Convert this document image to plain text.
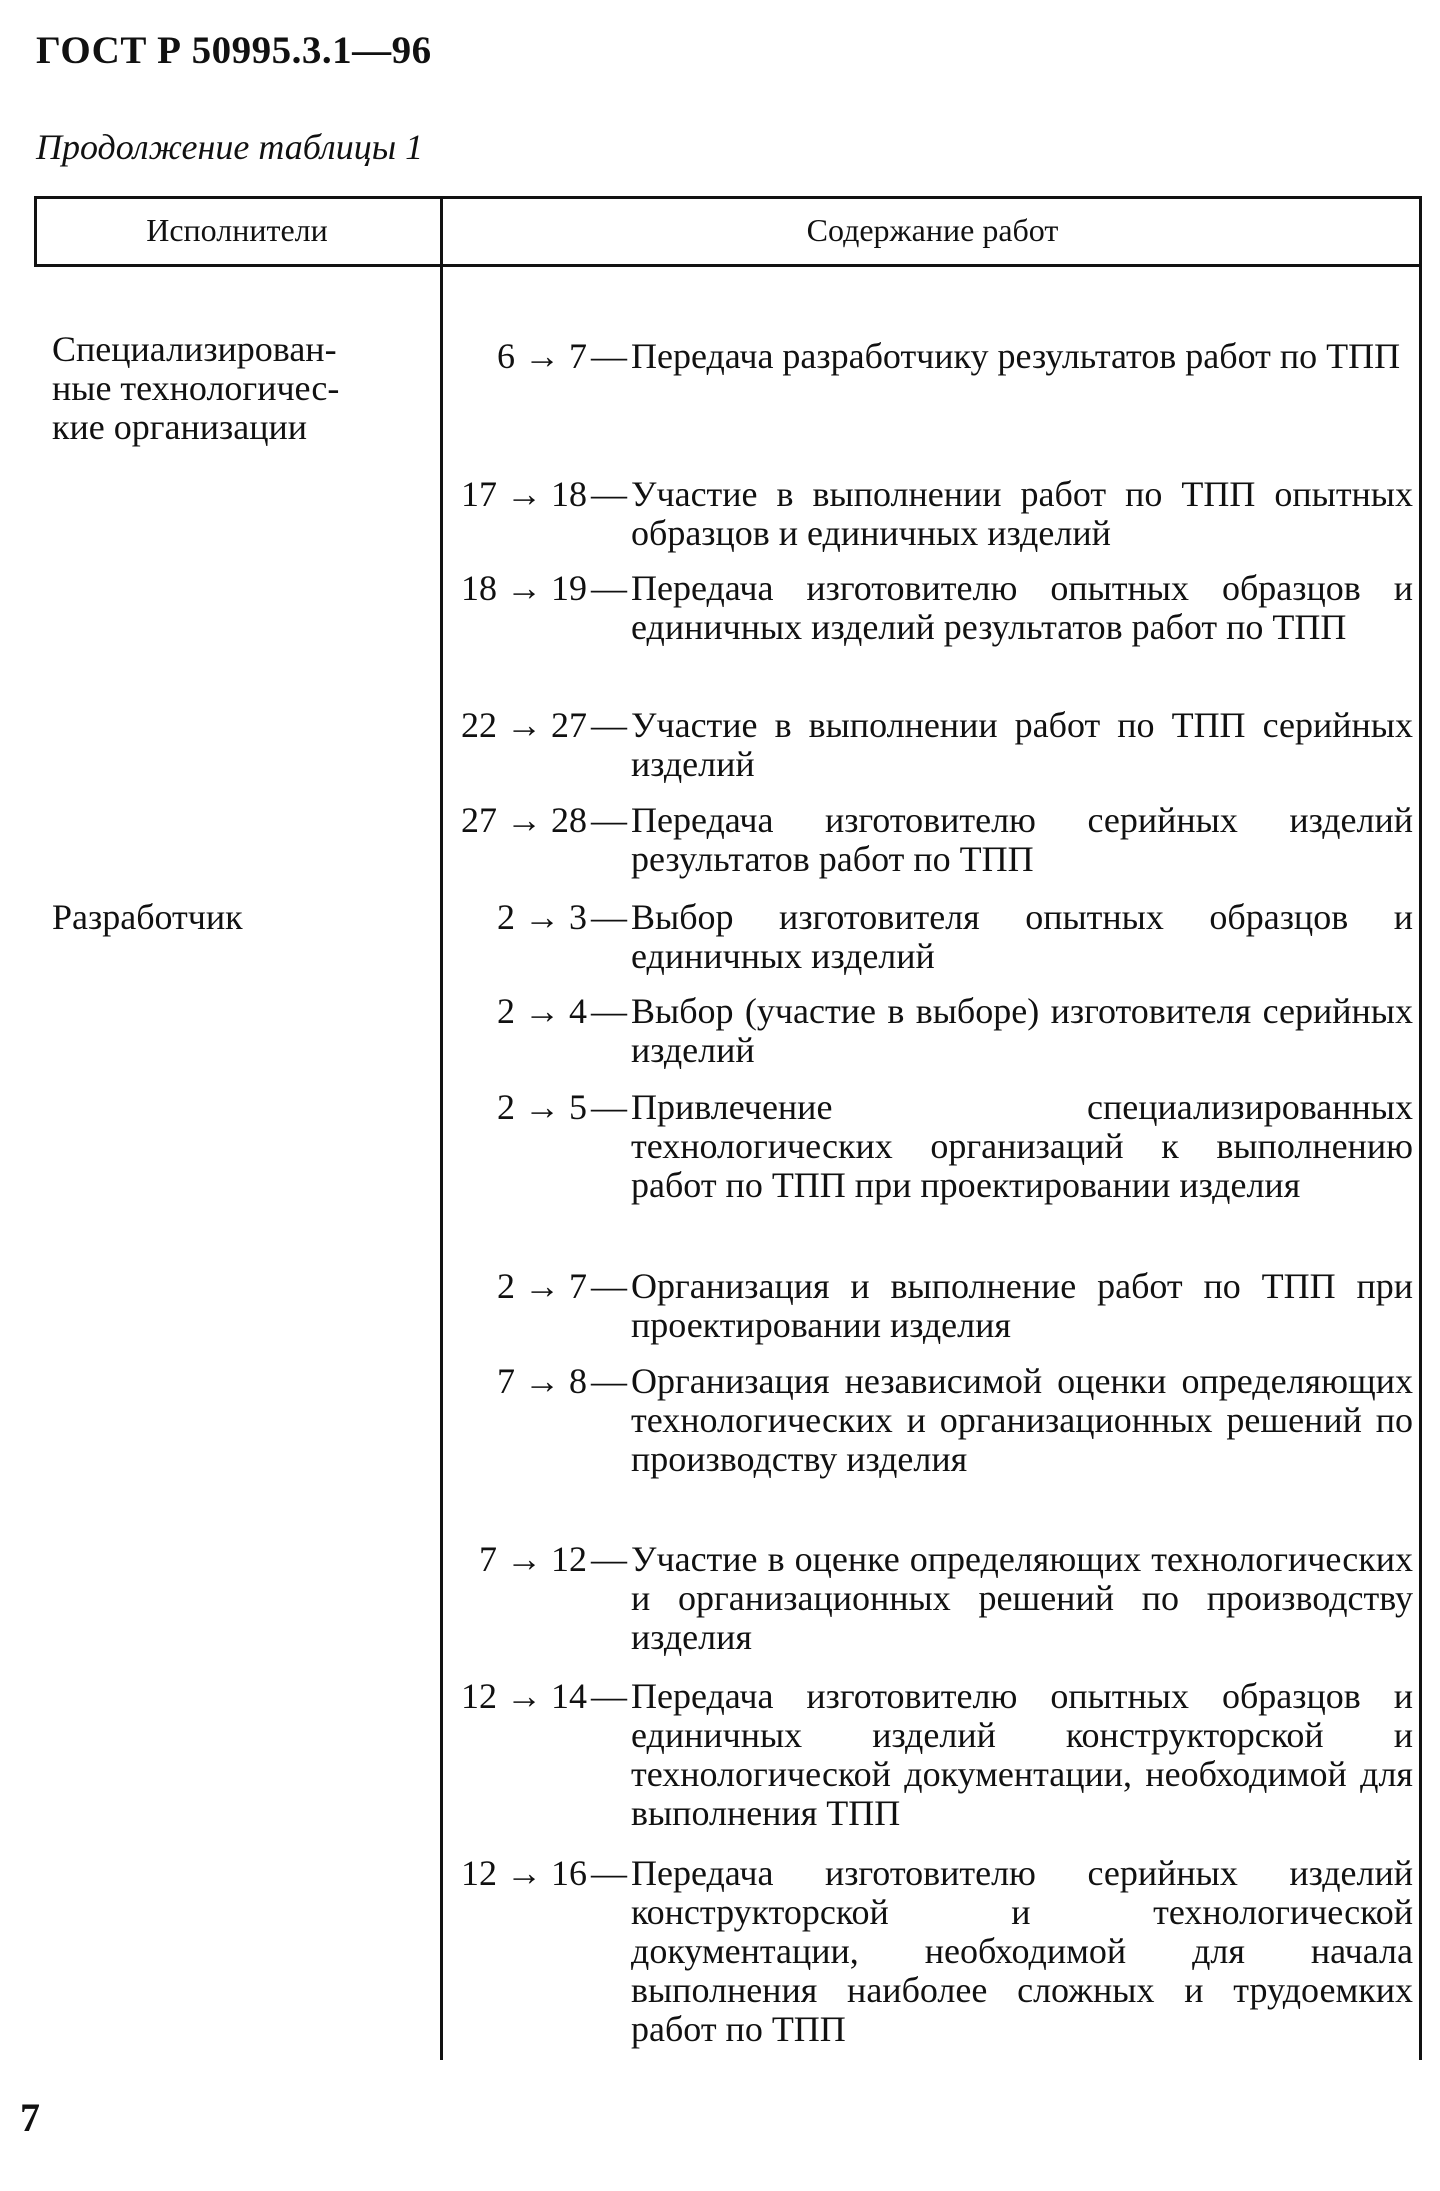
ГОСТ Р 50995.3.1—96
Продолжение таблицы 1
Исполнители	Содержание работ
Специализирован-
ные технологичес-
кие организации
Разработчик
6 → 7 — Передача разработчику результатов работ по ТПП
17 → 18 — Участие в выполнении работ по ТПП опытных образцов и единичных изделий
18 → 19 — Передача изготовителю опытных образцов и единичных изделий результатов работ по ТПП
22 → 27 — Участие в выполнении работ по ТПП серийных изделий
27 → 28 — Передача изготовителю серийных изделий результатов работ по ТПП
2 → 3 — Выбор изготовителя опытных образцов и единичных изделий
2 → 4 — Выбор (участие в выборе) изготовителя серийных изделий
2 → 5 — Привлечение специализированных технологических организаций к выполнению работ по ТПП при проектировании изделия
2 → 7 — Организация и выполнение работ по ТПП при проектировании изделия
7 → 8 — Организация независимой оценки определяющих технологических и организационных решений по производству изделия
7 → 12 — Участие в оценке определяющих технологических и организационных решений по производству изделия
12 → 14 — Передача изготовителю опытных образцов и единичных изделий конструкторской и технологической документации, необходимой для выполнения ТПП
12 → 16 — Передача изготовителю серийных изделий конструкторской и технологической документации, необходимой для начала выполнения наиболее сложных и трудоемких работ по ТПП
7
